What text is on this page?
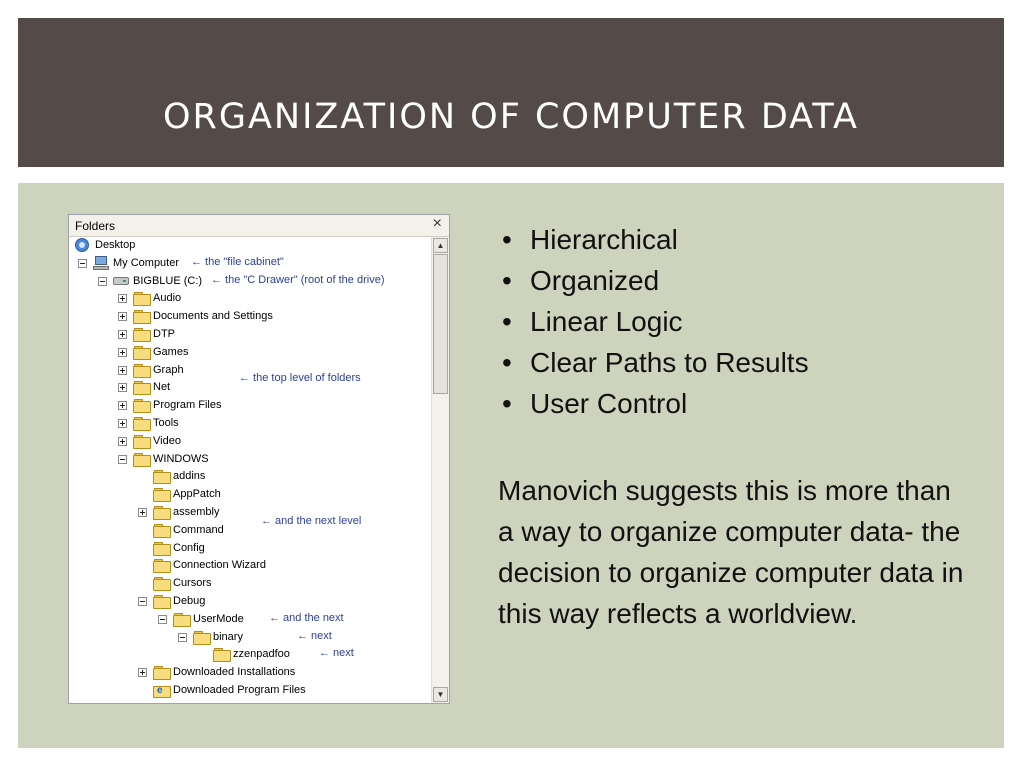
ORGANIZATION OF COMPUTER DATA
Folders	×
Desktop
My Computer ← the "file cabinet"
BIGBLUE (C:) ← the "C Drawer" (root of the drive)
Audio
Documents and Settings
DTP
Games
Graph
Net
Program Files
Tools
Video
WINDOWS
addins
AppPatch
assembly
Command
Config
Connection Wizard
Cursors
Debug
UserMode ← and the next
binary	← next
zzenpadfoo	← next
Downloaded Installations
e Downloaded Program Files
← the top level of folders
← and the next level
▲
▼
• Hierarchical
• Organized
• Linear Logic
• Clear Paths to Results
• User Control

Manovich suggests this is more than a way to organize computer data- the decision to organize computer data in this way reflects a worldview.
